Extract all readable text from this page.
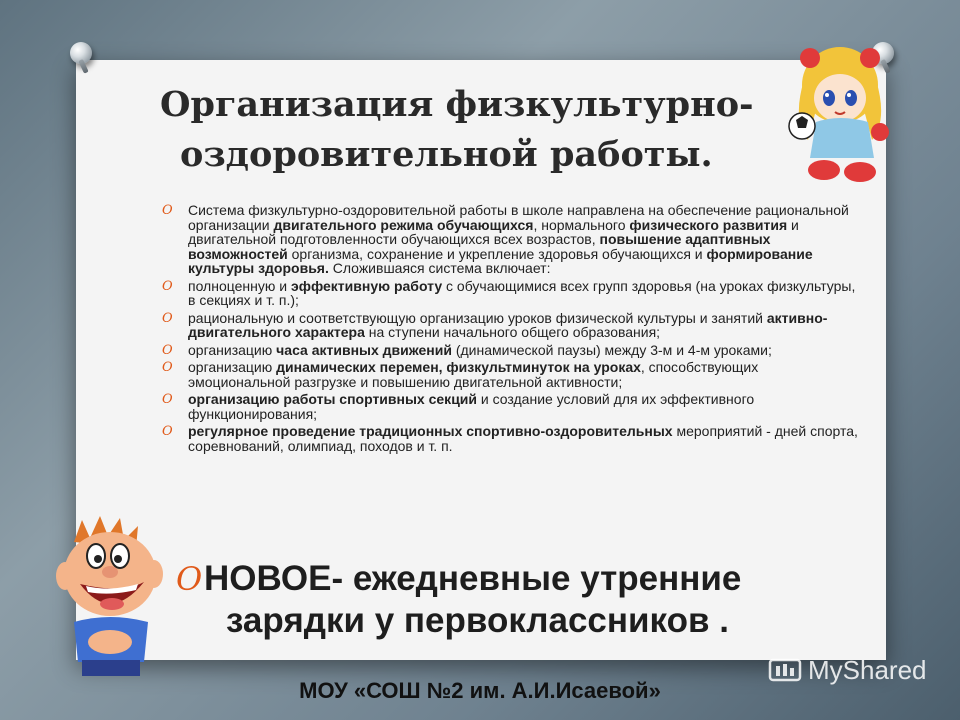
Организация физкультурно-
оздоровительной работы.
O Система физкультурно-оздоровительной работы в школе направлена на обеспечение рациональной организации двигательного режима обучающихся, нормального физического развития и двигательной подготовленности обучающихся всех возрастов, повышение адаптивных возможностей организма, сохранение и укрепление здоровья обучающихся и формирование культуры здоровья. Сложившаяся система включает:
O полноценную и эффективную работу с обучающимися всех групп здоровья (на уроках физкультуры, в секциях и т. п.);
O рациональную и соответствующую организацию уроков физической культуры и занятий активно-двигательного характера на ступени начального общего образования;
O организацию часа активных движений (динамической паузы) между 3-м и 4-м уроками;
O организацию динамических перемен, физкультминуток на уроках, способствующих эмоциональной разгрузке и повышению двигательной активности;
O организацию работы спортивных секций и создание условий для их эффективного функционирования;
O регулярное проведение традиционных спортивно-оздоровительных мероприятий - дней спорта, соревнований, олимпиад, походов и т. п.
O НОВОЕ- ежедневные утренние
зарядки у первоклассников .
МОУ «СОШ №2 им. А.И.Исаевой»
MyShared
